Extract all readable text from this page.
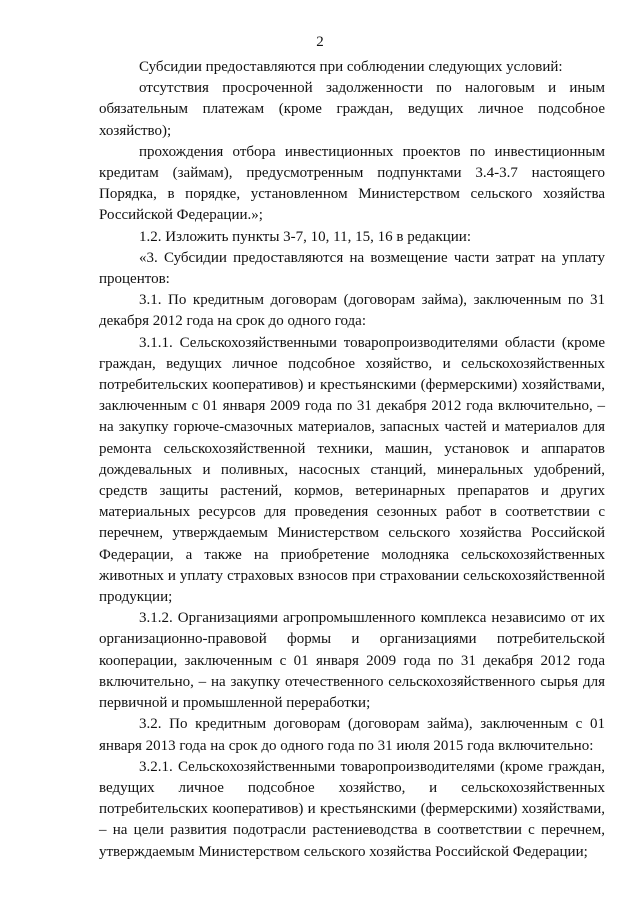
2

Субсидии предоставляются при соблюдении следующих условий:

отсутствия просроченной задолженности по налоговым и иным обязательным платежам (кроме граждан, ведущих личное подсобное хозяйство);

прохождения отбора инвестиционных проектов по инвестиционным кредитам (займам), предусмотренным подпунктами 3.4-3.7 настоящего Порядка, в порядке, установленном Министерством сельского хозяйства Российской Федерации.»;

1.2. Изложить пункты 3-7, 10, 11, 15, 16 в редакции:

«3. Субсидии предоставляются на возмещение части затрат на уплату процентов:

3.1. По кредитным договорам (договорам займа), заключенным по 31 декабря 2012 года на срок до одного года:

3.1.1. Сельскохозяйственными товаропроизводителями области (кроме граждан, ведущих личное подсобное хозяйство, и сельскохозяйственных потребительских кооперативов) и крестьянскими (фермерскими) хозяйствами, заключенным с 01 января 2009 года по 31 декабря 2012 года включительно, – на закупку горюче-смазочных материалов, запасных частей и материалов для ремонта сельскохозяйственной техники, машин, установок и аппаратов дождевальных и поливных, насосных станций, минеральных удобрений, средств защиты растений, кормов, ветеринарных препаратов и других материальных ресурсов для проведения сезонных работ в соответствии с перечнем, утверждаемым Министерством сельского хозяйства Российской Федерации, а также на приобретение молодняка сельскохозяйственных животных и уплату страховых взносов при страховании сельскохозяйственной продукции;

3.1.2. Организациями агропромышленного комплекса независимо от их организационно-правовой формы и организациями потребительской кооперации, заключенным с 01 января 2009 года по 31 декабря 2012 года включительно, – на закупку отечественного сельскохозяйственного сырья для первичной и промышленной переработки;

3.2. По кредитным договорам (договорам займа), заключенным с 01 января 2013 года на срок до одного года по 31 июля 2015 года включительно:

3.2.1. Сельскохозяйственными товаропроизводителями (кроме граждан, ведущих личное подсобное хозяйство, и сельскохозяйственных потребительских кооперативов) и крестьянскими (фермерскими) хозяйствами, – на цели развития подотрасли растениеводства в соответствии с перечнем, утверждаемым Министерством сельского хозяйства Российской Федерации;
